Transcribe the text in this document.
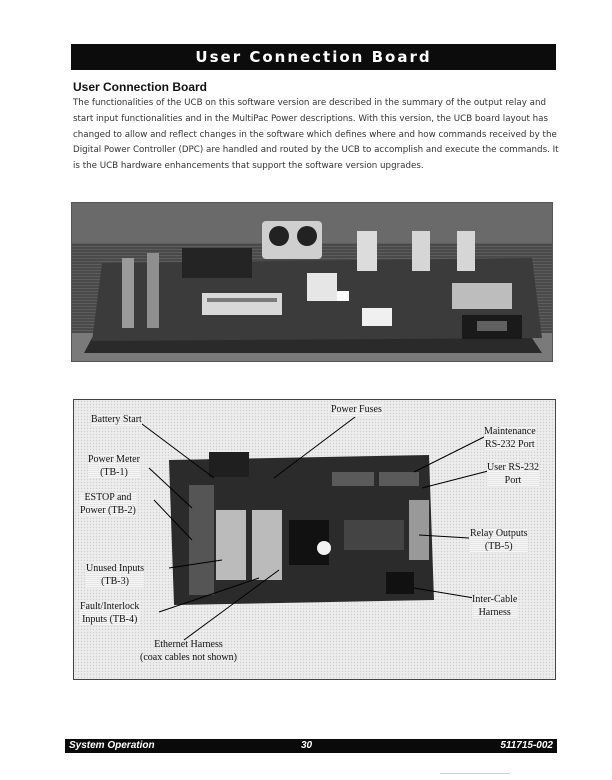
User Connection Board
User Connection Board
The functionalities of the UCB on this software version are described in the summary of the output relay and start input functionalities and in the MultiPac Power descriptions. With this version, the UCB board layout has changed to allow and reflect changes in the software which defines where and how commands received by the Digital Power Controller (DPC) are handled and routed by the UCB to accomplish and execute the commands. It is the UCB hardware enhancements that support the software version upgrades.
Battery Start
Power Fuses
Maintenance
RS-232 Port
Power Meter
(TB-1)	User RS-232
Port
ESTOP and
Power (TB-2)
Relay Outputs
(TB-5)
Unused Inputs
(TB-3)
Inter-Cable
Harness
Fault/Interlock
Inputs (TB-4)
Ethernet Harness
(coax cables not shown)
System Operation	30	511715-002
